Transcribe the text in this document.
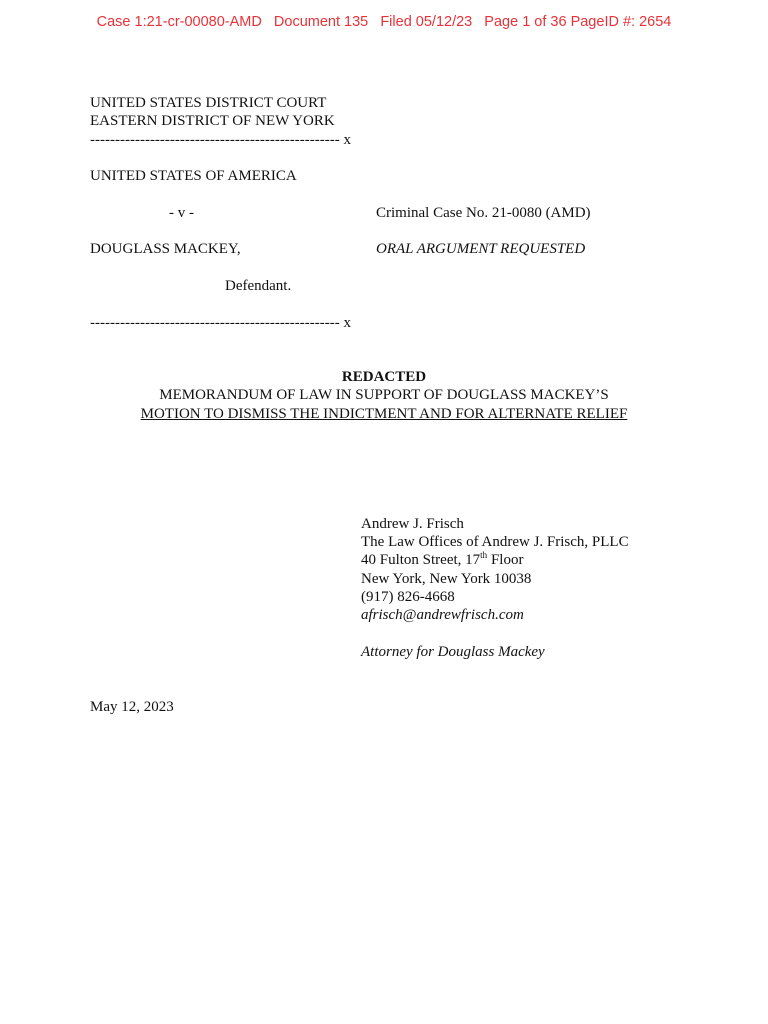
Case 1:21-cr-00080-AMD   Document 135   Filed 05/12/23   Page 1 of 36 PageID #: 2654
UNITED STATES DISTRICT COURT
EASTERN DISTRICT OF NEW YORK
-------------------------------------------------- x
UNITED STATES OF AMERICA
- v -	Criminal Case No. 21-0080 (AMD)
DOUGLASS MACKEY,	ORAL ARGUMENT REQUESTED
Defendant.
-------------------------------------------------- x
REDACTED
MEMORANDUM OF LAW IN SUPPORT OF DOUGLASS MACKEY’S
MOTION TO DISMISS THE INDICTMENT AND FOR ALTERNATE RELIEF
Andrew J. Frisch
The Law Offices of Andrew J. Frisch, PLLC
40 Fulton Street, 17th Floor
New York, New York 10038
(917) 826-4668
afrisch@andrewfrisch.com
Attorney for Douglass Mackey
May 12, 2023
